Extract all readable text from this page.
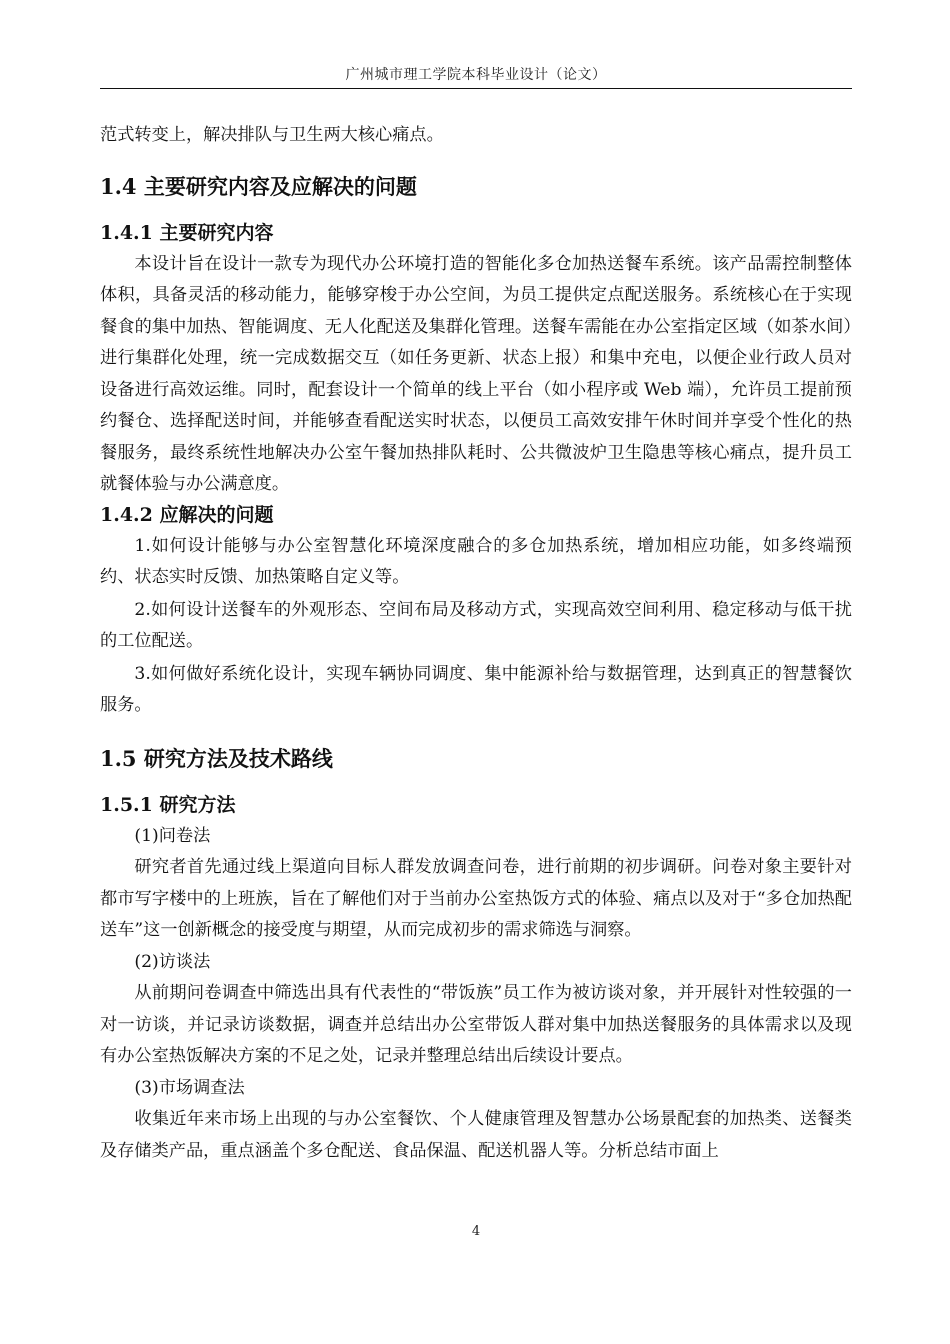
广州城市理工学院本科毕业设计（论文）

范式转变上，解决排队与卫生两大核心痛点。

1.4 主要研究内容及应解决的问题
1.4.1 主要研究内容

本设计旨在设计一款专为现代办公环境打造的智能化多仓加热送餐车系统。该产品需控制整体体积，具备灵活的移动能力，能够穿梭于办公空间，为员工提供定点配送服务。系统核心在于实现餐食的集中加热、智能调度、无人化配送及集群化管理。送餐车需能在办公室指定区域（如茶水间）进行集群化处理，统一完成数据交互（如任务更新、状态上报）和集中充电，以便企业行政人员对设备进行高效运维。同时，配套设计一个简单的线上平台（如小程序或 Web 端），允许员工提前预约餐仓、选择配送时间，并能够查看配送实时状态，以便员工高效安排午休时间并享受个性化的热餐服务，最终系统性地解决办公室午餐加热排队耗时、公共微波炉卫生隐患等核心痛点，提升员工就餐体验与办公满意度。

1.4.2 应解决的问题

1.如何设计能够与办公室智慧化环境深度融合的多仓加热系统，增加相应功能，如多终端预约、状态实时反馈、加热策略自定义等。

2.如何设计送餐车的外观形态、空间布局及移动方式，实现高效空间利用、稳定移动与低干扰的工位配送。

3.如何做好系统化设计，实现车辆协同调度、集中能源补给与数据管理，达到真正的智慧餐饮服务。

1.5 研究方法及技术路线
1.5.1 研究方法

(1)问卷法

研究者首先通过线上渠道向目标人群发放调查问卷，进行前期的初步调研。问卷对象主要针对都市写字楼中的上班族，旨在了解他们对于当前办公室热饭方式的体验、痛点以及对于“多仓加热配送车”这一创新概念的接受度与期望，从而完成初步的需求筛选与洞察。

(2)访谈法

从前期问卷调查中筛选出具有代表性的“带饭族”员工作为被访谈对象，并开展针对性较强的一对一访谈，并记录访谈数据，调查并总结出办公室带饭人群对集中加热送餐服务的具体需求以及现有办公室热饭解决方案的不足之处，记录并整理总结出后续设计要点。

(3)市场调查法

收集近年来市场上出现的与办公室餐饮、个人健康管理及智慧办公场景配套的加热类、送餐类及存储类产品，重点涵盖个多仓配送、食品保温、配送机器人等。分析总结市面上

4
